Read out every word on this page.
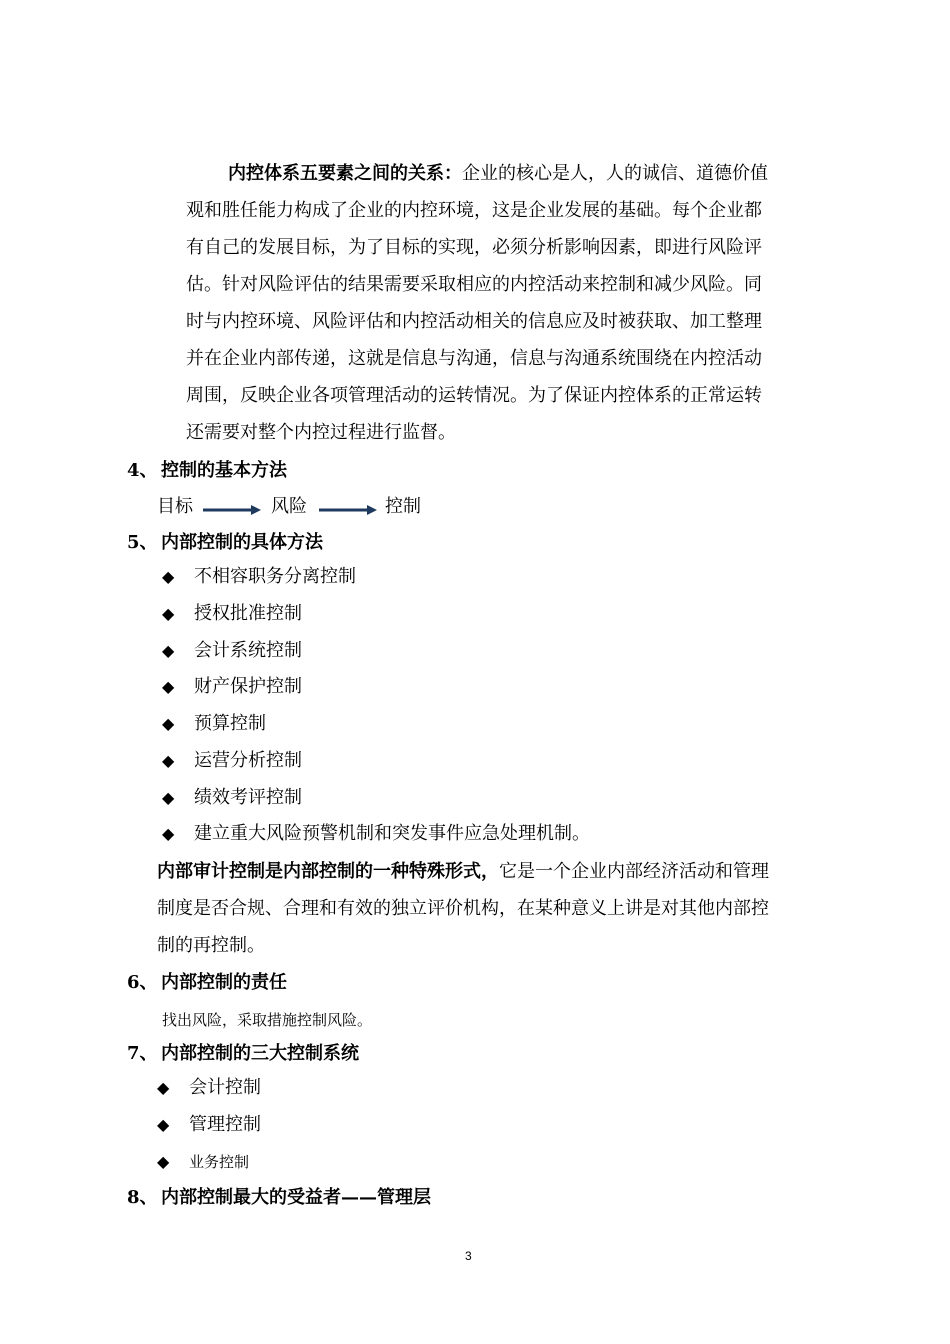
内控体系五要素之间的关系：企业的核心是人，人的诚信、道德价值
观和胜任能力构成了企业的内控环境，这是企业发展的基础。每个企业都
有自己的发展目标，为了目标的实现，必须分析影响因素，即进行风险评
估。针对风险评估的结果需要采取相应的内控活动来控制和减少风险。同
时与内控环境、风险评估和内控活动相关的信息应及时被获取、加工整理
并在企业内部传递，这就是信息与沟通，信息与沟通系统围绕在内控活动
周围，反映企业各项管理活动的运转情况。为了保证内控体系的正常运转
还需要对整个内控过程进行监督。
4、 控制的基本方法
目标	风险	控制
5、 内部控制的具体方法
◆ 不相容职务分离控制
◆ 授权批准控制
◆ 会计系统控制
◆ 财产保护控制
◆ 预算控制
◆ 运营分析控制
◆ 绩效考评控制
◆ 建立重大风险预警机制和突发事件应急处理机制。
内部审计控制是内部控制的一种特殊形式，它是一个企业内部经济活动和管理
制度是否合规、合理和有效的独立评价机构，在某种意义上讲是对其他内部控
制的再控制。
6、 内部控制的责任
找出风险，采取措施控制风险。
7、 内部控制的三大控制系统
◆ 会计控制
◆ 管理控制
◆ 业务控制
8、 内部控制最大的受益者——管理层
3
